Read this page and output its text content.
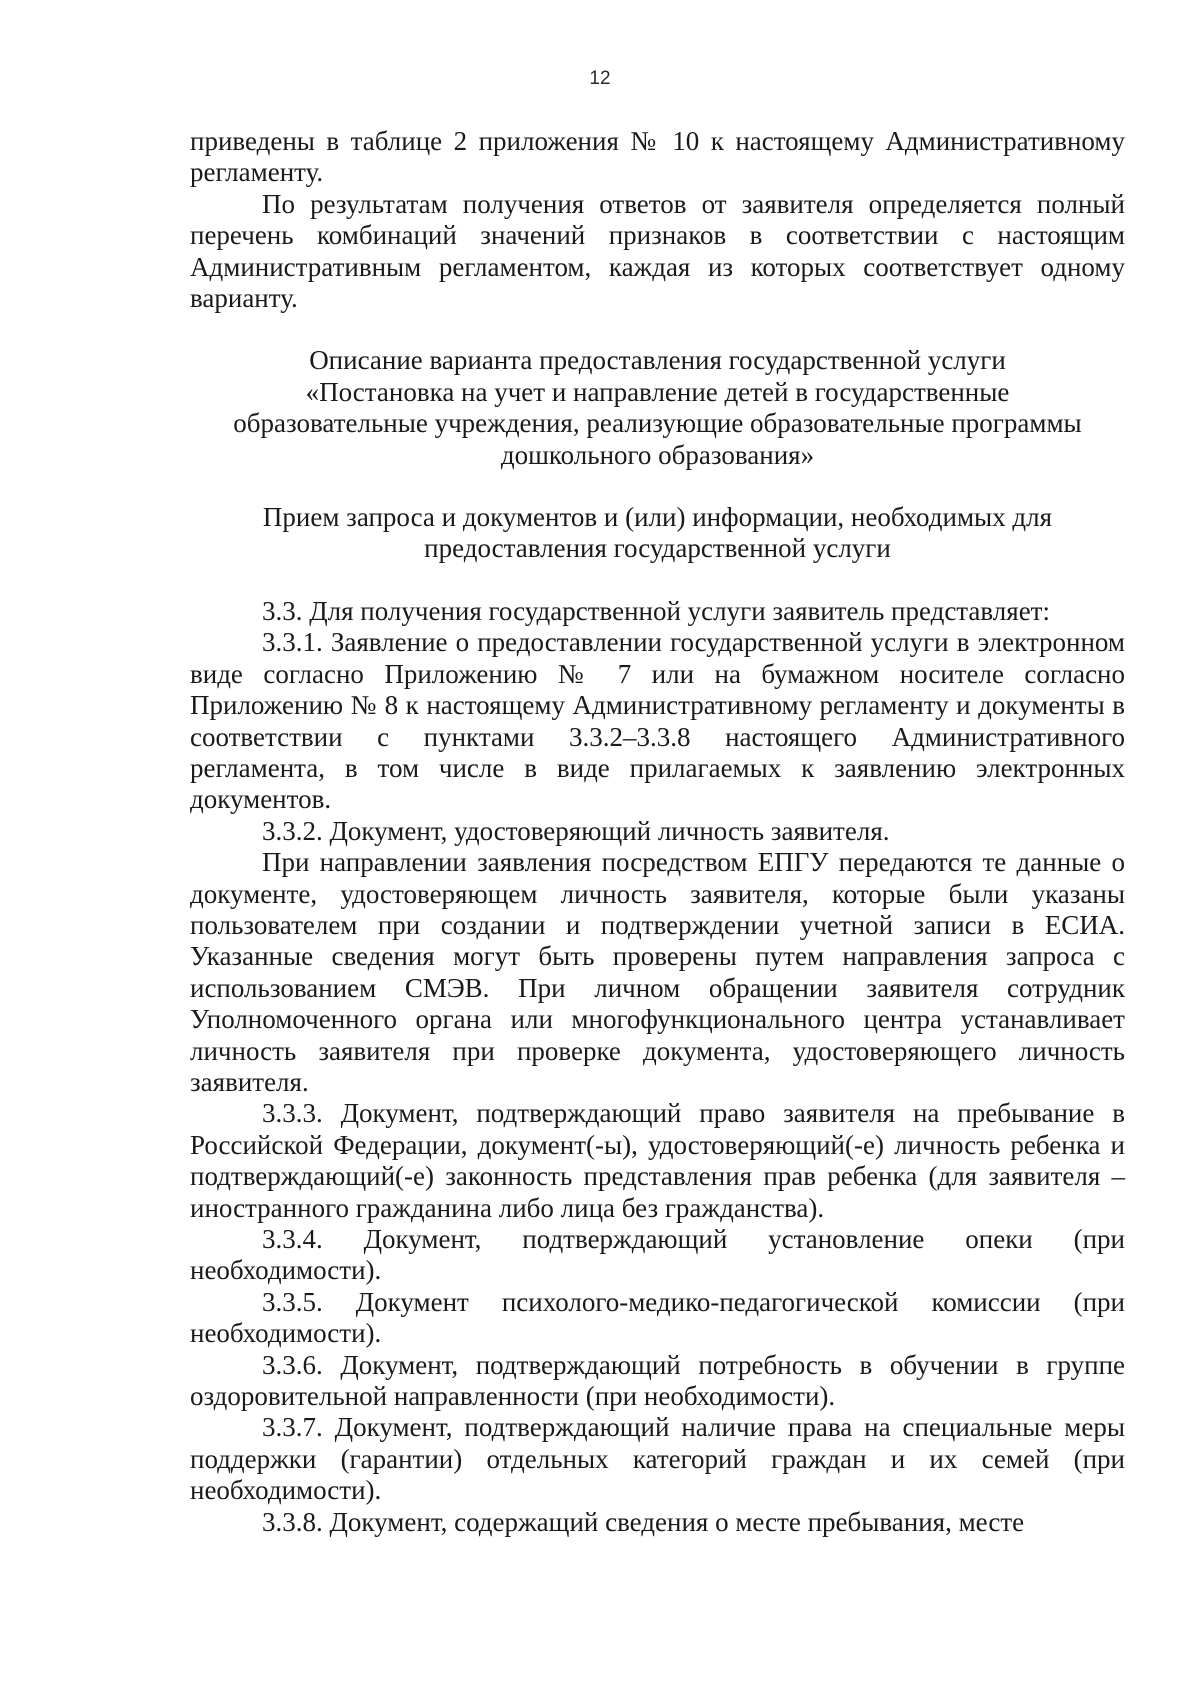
12

приведены в таблице 2 приложения № 10 к настоящему Административному регламенту.

По результатам получения ответов от заявителя определяется полный перечень комбинаций значений признаков в соответствии с настоящим Административным регламентом, каждая из которых соответствует одному варианту.

Описание варианта предоставления государственной услуги

«Постановка на учет и направление детей в государственные

образовательные учреждения, реализующие образовательные программы

дошкольного образования»

Прием запроса и документов и (или) информации, необходимых для

предоставления государственной услуги

3.3. Для получения государственной услуги заявитель представляет:

3.3.1. Заявление о предоставлении государственной услуги в электронном виде согласно Приложению № 7 или на бумажном носителе согласно Приложению № 8 к настоящему Административному регламенту и документы в соответствии с пунктами 3.3.2–3.3.8 настоящего Административного регламента, в том числе в виде прилагаемых к заявлению электронных документов.

3.3.2. Документ, удостоверяющий личность заявителя.

При направлении заявления посредством ЕПГУ передаются те данные о документе, удостоверяющем личность заявителя, которые были указаны пользователем при создании и подтверждении учетной записи в ЕСИА. Указанные сведения могут быть проверены путем направления запроса с использованием СМЭВ. При личном обращении заявителя сотрудник Уполномоченного органа или многофункционального центра устанавливает личность заявителя при проверке документа, удостоверяющего личность заявителя.

3.3.3. Документ, подтверждающий право заявителя на пребывание в Российской Федерации, документ(-ы), удостоверяющий(-е) личность ребенка и подтверждающий(-е) законность представления прав ребенка (для заявителя – иностранного гражданина либо лица без гражданства).

3.3.4. Документ, подтверждающий установление опеки (при необходимости).

3.3.5. Документ психолого-медико-педагогической комиссии (при необходимости).

3.3.6. Документ, подтверждающий потребность в обучении в группе оздоровительной направленности (при необходимости).

3.3.7. Документ, подтверждающий наличие права на специальные меры поддержки (гарантии) отдельных категорий граждан и их семей (при необходимости).

3.3.8. Документ, содержащий сведения о месте пребывания, месте
